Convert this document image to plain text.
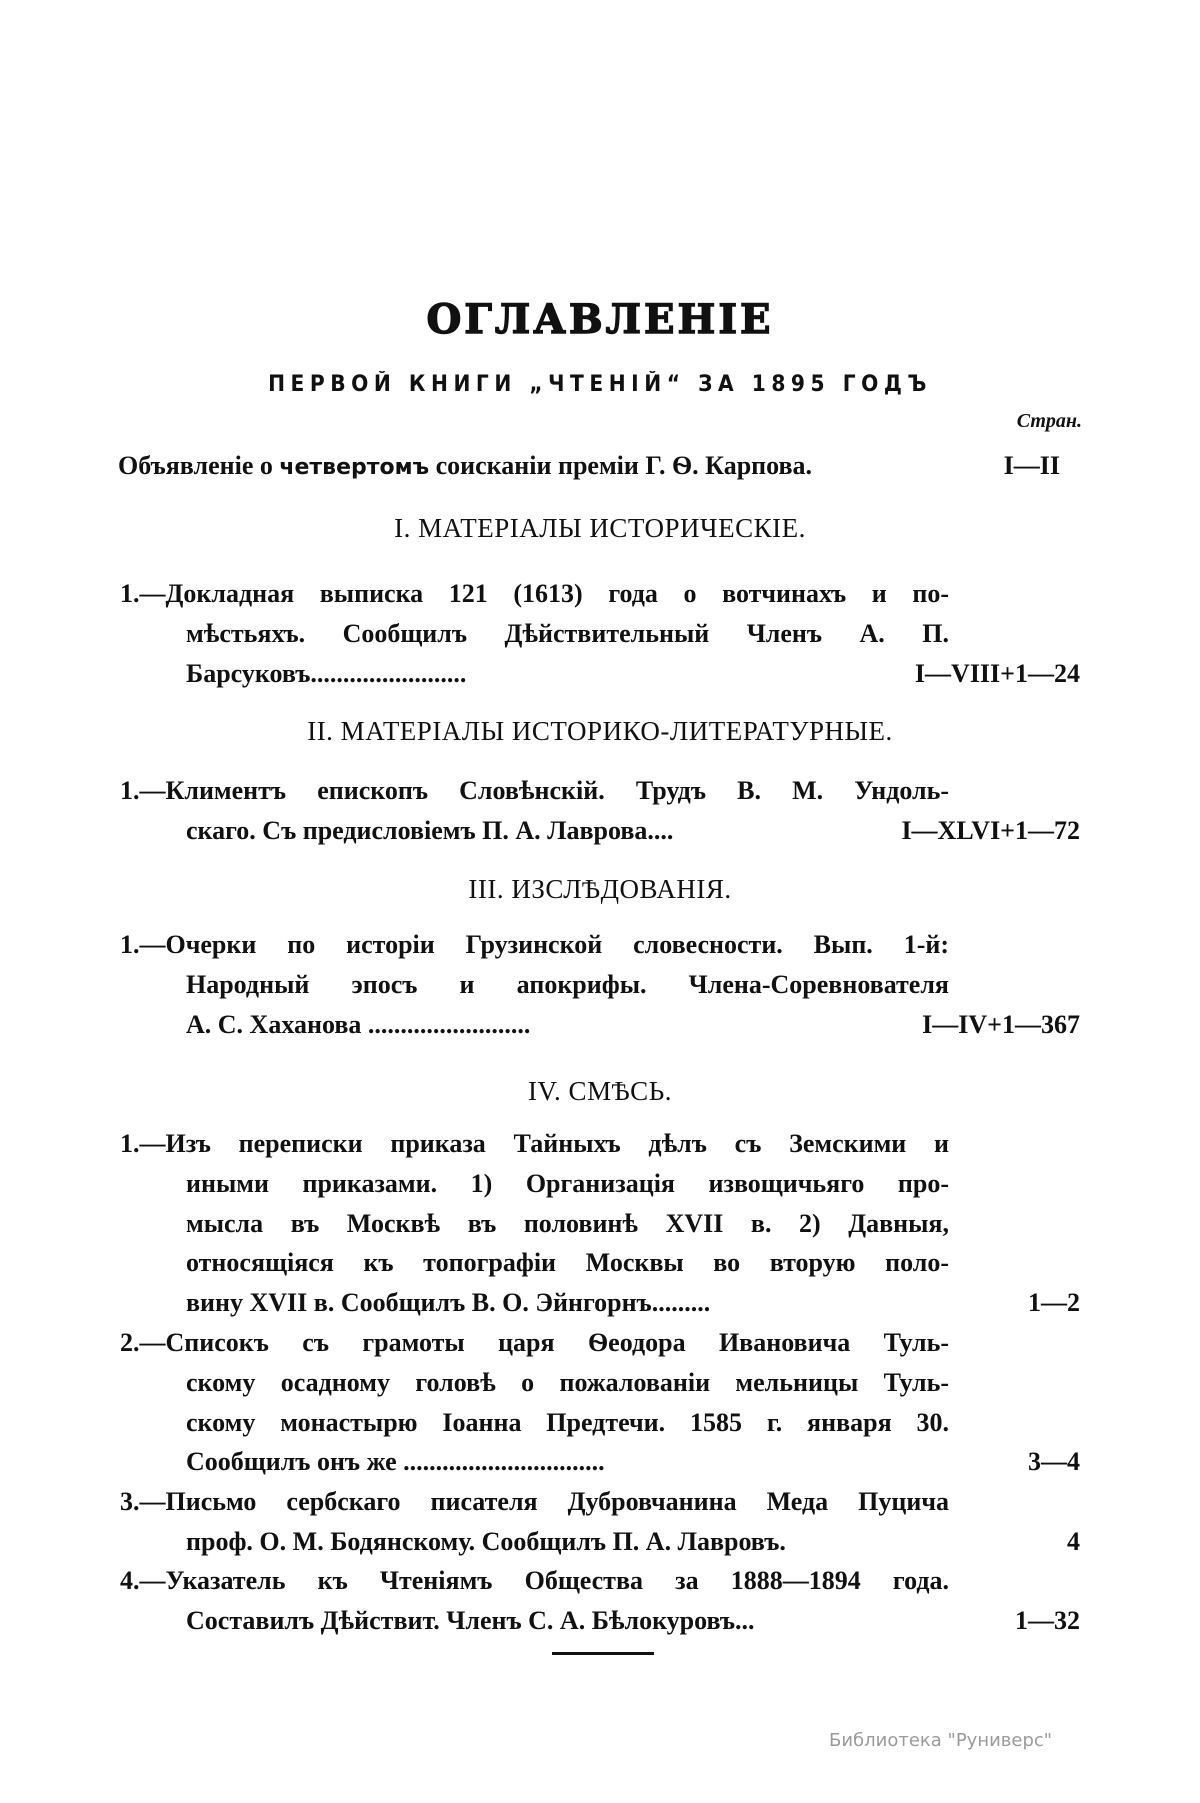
ОГЛАВЛЕНІЕ
ПЕРВОЙ КНИГИ „ЧТЕНІЙ“ ЗА 1895 ГОДЪ
Стран.
Объявленіе о четвертомъ соисканіи преміи Г. Ѳ. Карпова.	I—II
I. МАТЕРІАЛЫ ИСТОРИЧЕСКІЕ.
1.—Докладная выписка 121 (1613) года о вотчинахъ и по-
мѣстьяхъ. Сообщилъ Дѣйствительный Членъ А. П.
Барсуковъ........................	I—VIII+1—24
II. МАТЕРІАЛЫ ИСТОРИКО-ЛИТЕРАТУРНЫЕ.
1.—Климентъ епископъ Словѣнскій. Трудъ В. М. Ундоль-
скаго. Съ предисловіемъ П. А. Лаврова....	I—XLVI+1—72
III. ИЗСЛѢДОВАНІЯ.
1.—Очерки по исторіи Грузинской словесности. Вып. 1-й:
Народный эпосъ и апокрифы. Члена-Соревнователя
А. С. Хаханова .........................	I—IV+1—367
IV. СМѢСЬ.
1.—Изъ переписки приказа Тайныхъ дѣлъ съ Земскими и
иными приказами. 1) Организація извощичьяго про-
мысла въ Москвѣ въ половинѣ XVII в. 2) Давныя,
относящіяся къ топографіи Москвы во вторую поло-
вину XVII в. Сообщилъ В. О. Эйнгорнъ.........	1—2
2.—Списокъ съ грамоты царя Ѳеодора Ивановича Туль-
скому осадному головѣ о пожалованіи мельницы Туль-
скому монастырю Іоанна Предтечи. 1585 г. января 30.
Сообщилъ онъ же ...............................	3—4
3.—Письмо сербскаго писателя Дубровчанина Меда Пуцича
проф. О. М. Бодянскому. Сообщилъ П. А. Лавровъ.	4
4.—Указатель къ Чтеніямъ Общества за 1888—1894 года.
Составилъ Дѣйствит. Членъ С. А. Бѣлокуровъ...	1—32
Библиотека "Руниверс"
